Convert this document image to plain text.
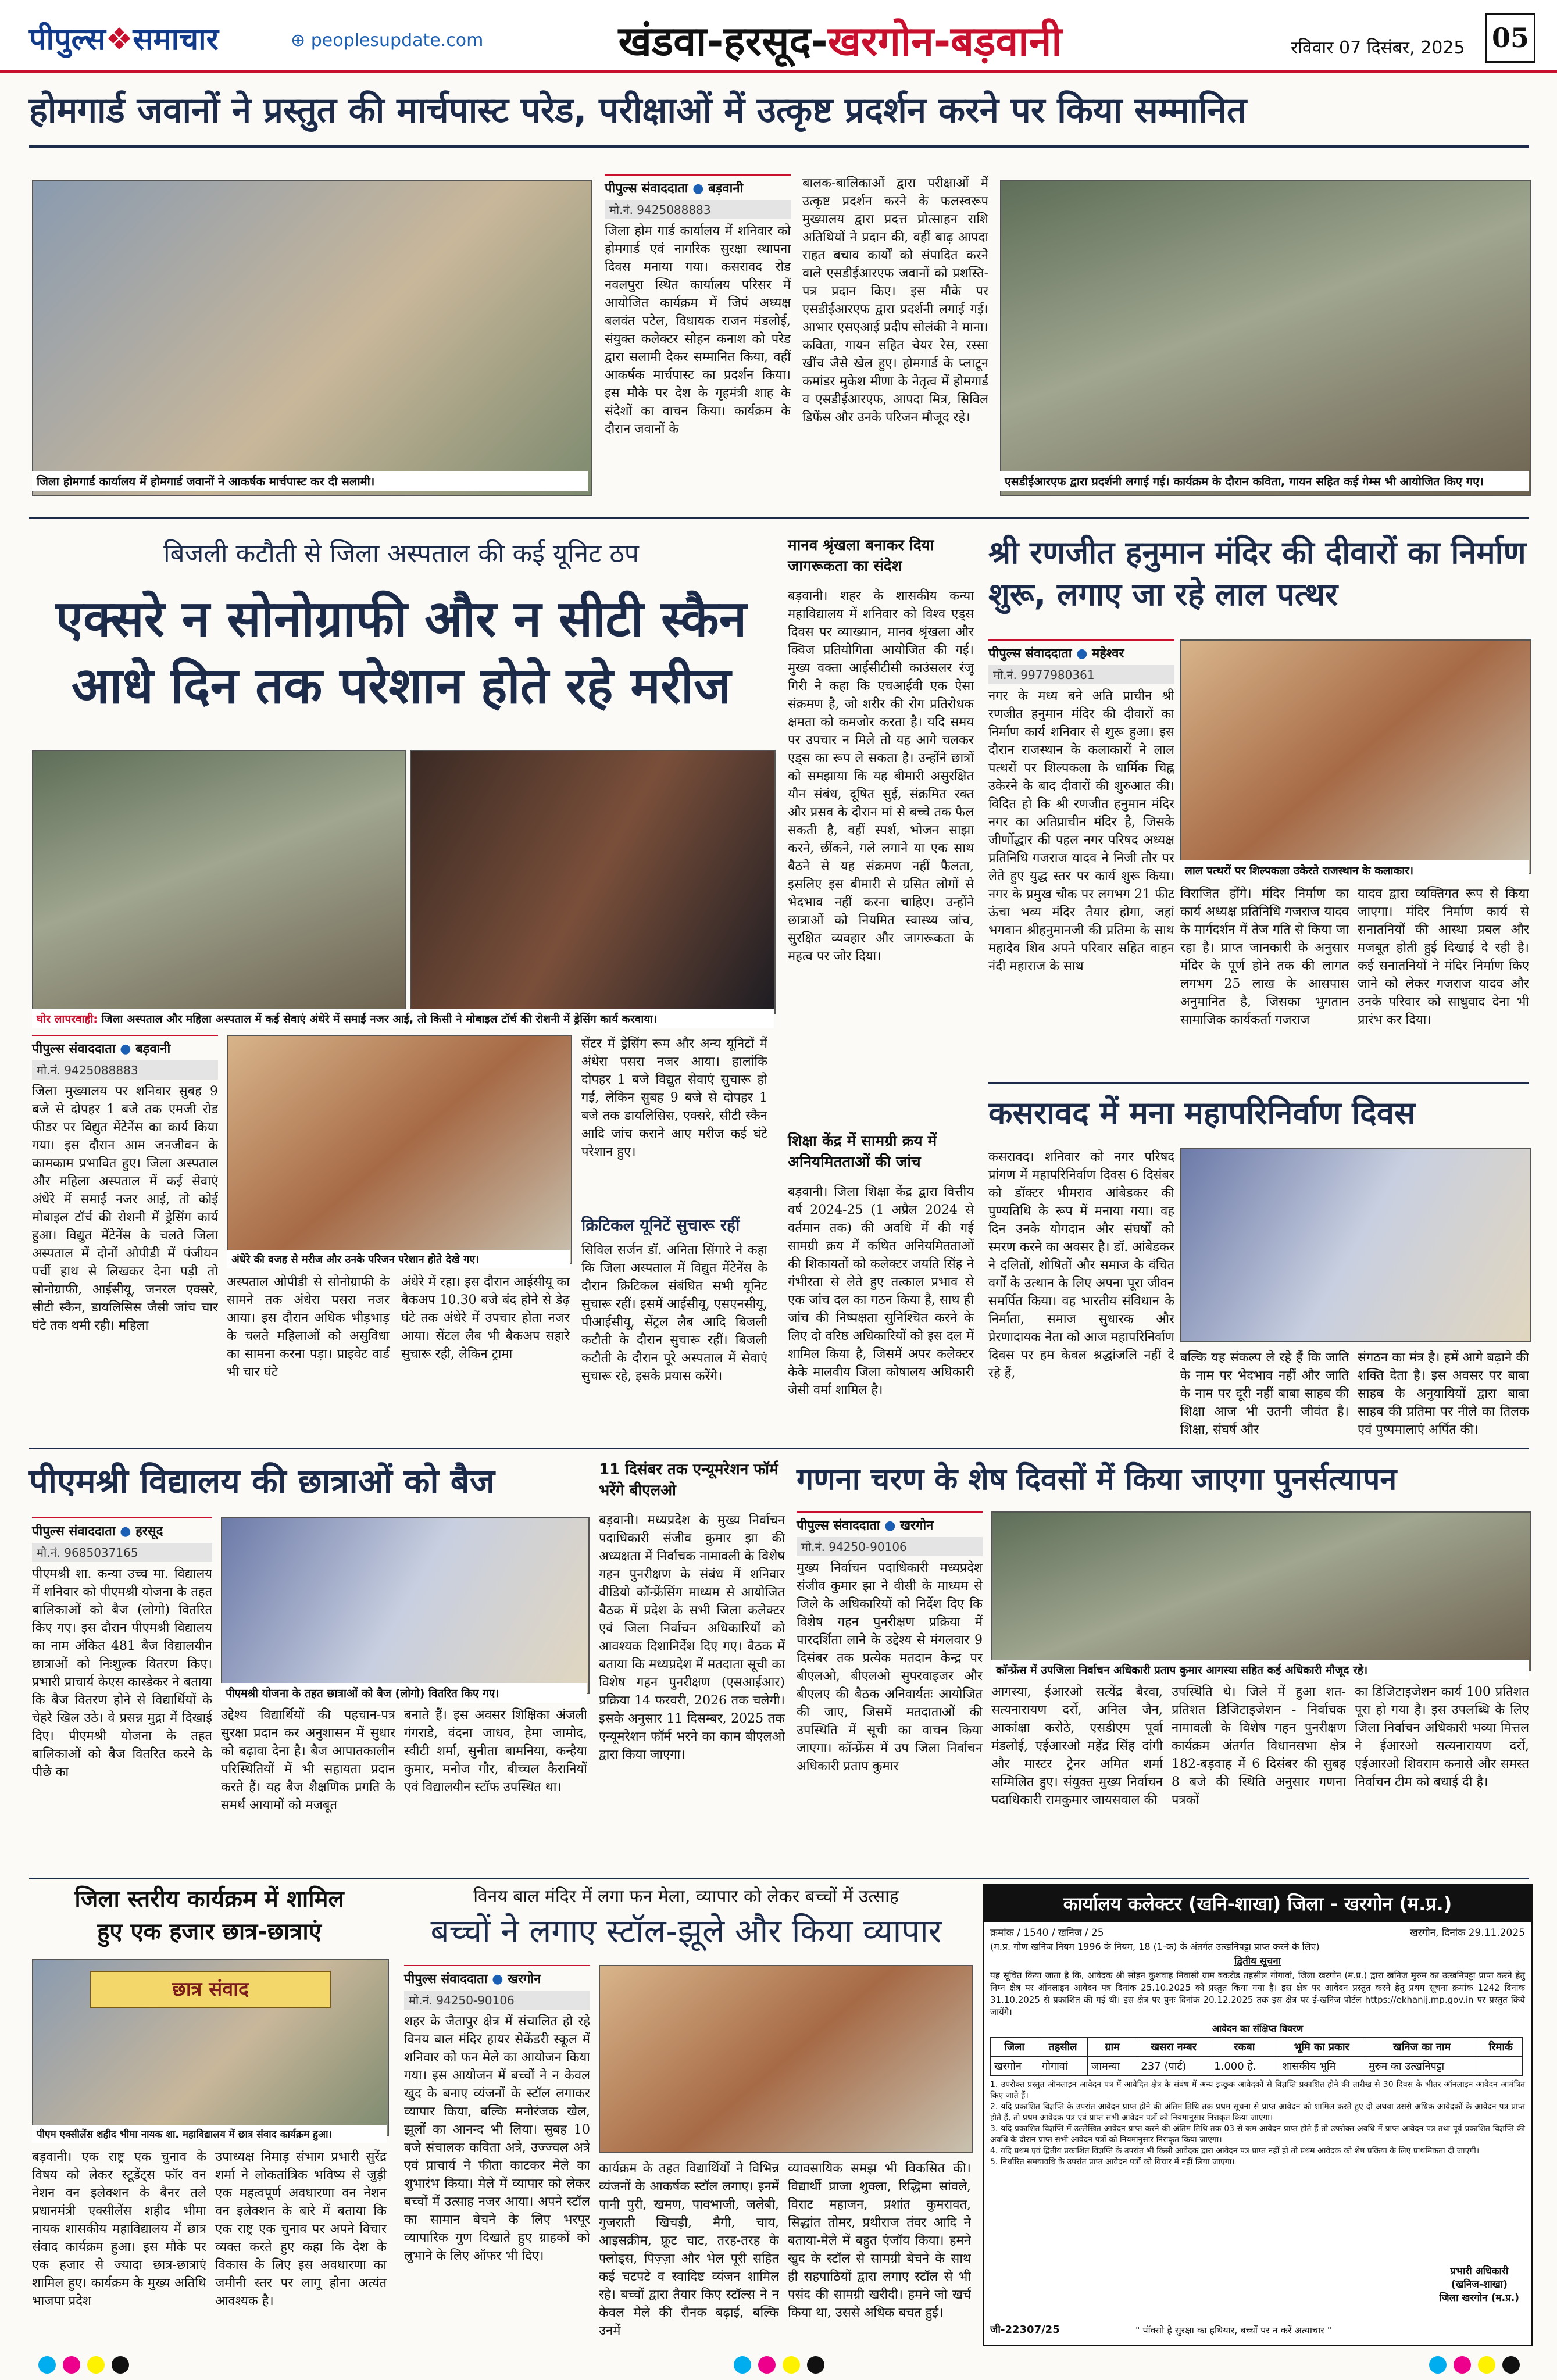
पीपुल्स❖समाचार	⊕ peoplesupdate.com	खंडवा-हरसूद-खरगोन-बड़वानी	रविवार 07 दिसंबर, 2025 05
होमगार्ड जवानों ने प्रस्तुत की मार्चपास्ट परेड, परीक्षाओं में उत्कृष्ट प्रदर्शन करने पर किया सम्मानित
जिला होमगार्ड कार्यालय में होमगार्ड जवानों ने आकर्षक मार्चपास्ट कर दी सलामी।
पीपुल्स संवाददाता ● बड़वानी
मो.नं. 9425088883
जिला होम गार्ड कार्यालय में शनिवार को होमगार्ड एवं नागरिक सुरक्षा स्थापना दिवस मनाया गया। कसरावद रोड नवलपुरा स्थित कार्यालय परिसर में आयोजित कार्यक्रम में जिपं अध्यक्ष बलवंत पटेल, विधायक राजन मंडलोई, संयुक्त कलेक्टर सोहन कनाश को परेड द्वारा सलामी देकर सम्मानित किया, वहीं आकर्षक मार्चपास्ट का प्रदर्शन किया। इस मौके पर देश के गृहमंत्री शाह के संदेशों का वाचन किया। कार्यक्रम के दौरान जवानों के
बालक-बालिकाओं द्वारा परीक्षाओं में उत्कृष्ट प्रदर्शन करने के फलस्वरूप मुख्यालय द्वारा प्रदत्त प्रोत्साहन राशि अतिथियों ने प्रदान की, वहीं बाढ़ आपदा राहत बचाव कार्यों को संपादित करने वाले एसडीईआरएफ जवानों को प्रशस्ति-पत्र प्रदान किए। इस मौके पर एसडीईआरएफ द्वारा प्रदर्शनी लगाई गई। आभार एसएआई प्रदीप सोलंकी ने माना। कविता, गायन सहित चेयर रेस, रस्सा खींच जैसे खेल हुए। होमगार्ड के प्लाटून कमांडर मुकेश मीणा के नेतृत्व में होमगार्ड व एसडीईआरएफ, आपदा मित्र, सिविल डिफेंस और उनके परिजन मौजूद रहे।
एसडीईआरएफ द्वारा प्रदर्शनी लगाई गई। कार्यक्रम के दौरान कविता, गायन सहित कई गेम्स भी आयोजित किए गए।
बिजली कटौती से जिला अस्पताल की कई यूनिट ठप
एक्सरे न सोनोग्राफी और न सीटी स्कैन
आधे दिन तक परेशान होते रहे मरीज
घोर लापरवाही: जिला अस्पताल और महिला अस्पताल में कई सेवाएं अंधेरे में समाई नजर आई, तो किसी ने मोबाइल टॉर्च की रोशनी में ड्रेसिंग कार्य करवाया।
पीपुल्स संवाददाता ● बड़वानी
मो.नं. 9425088883
जिला मुख्यालय पर शनिवार सुबह 9 बजे से दोपहर 1 बजे तक एमजी रोड फीडर पर विद्युत मेंटेनेंस का कार्य किया गया। इस दौरान आम जनजीवन के कामकाम प्रभावित हुए। जिला अस्पताल और महिला अस्पताल में कई सेवाएं अंधेरे में समाई नजर आई, तो कोई मोबाइल टॉर्च की रोशनी में ड्रेसिंग कार्य हुआ। विद्युत मेंटेनेंस के चलते जिला अस्पताल में दोनों ओपीडी में पंजीयन पर्ची हाथ से लिखकर देना पड़ी तो सोनोग्राफी, आईसीयू, जनरल एक्सरे, सीटी स्कैन, डायलिसिस जैसी जांच चार घंटे तक थमी रही। महिला
अंधेरे की वजह से मरीज और उनके परिजन परेशान होते देखे गए।
अस्पताल ओपीडी से सोनोग्राफी के सामने तक अंधेरा पसरा नजर आया। इस दौरान अधिक भीड़भाड़ के चलते महिलाओं को असुविधा का सामना करना पड़ा। प्राइवेट वार्ड भी चार घंटे
अंधेरे में रहा। इस दौरान आईसीयू का बैकअप 10.30 बजे बंद होने से डेढ़ घंटे तक अंधेरे में उपचार होता नजर आया। सेंटल लैब भी बैकअप सहारे सुचारू रही, लेकिन ट्रामा
सेंटर में ड्रेसिंग रूम और अन्य यूनिटों में अंधेरा पसरा नजर आया। हालांकि दोपहर 1 बजे विद्युत सेवाएं सुचारू हो गईं, लेकिन सुबह 9 बजे से दोपहर 1 बजे तक डायलिसिस, एक्सरे, सीटी स्कैन आदि जांच कराने आए मरीज कई घंटे परेशान हुए।
क्रिटिकल यूनिटें सुचारू रहीं
सिविल सर्जन डॉ. अनिता सिंगारे ने कहा कि जिला अस्पताल में विद्युत मेंटेनेंस के दौरान क्रिटिकल संबंधित सभी यूनिट सुचारू रहीं। इसमें आईसीयू, एसएनसीयू, पीआईसीयू, सेंट्रल लैब आदि बिजली कटौती के दौरान सुचारू रहीं। बिजली कटौती के दौरान पूरे अस्पताल में सेवाएं सुचारू रहे, इसके प्रयास करेंगे।
मानव श्रृंखला बनाकर दिया जागरूकता का संदेश
बड़वानी। शहर के शासकीय कन्या महाविद्यालय में शनिवार को विश्व एड्स दिवस पर व्याख्यान, मानव श्रृंखला और क्विज प्रतियोगिता आयोजित की गई। मुख्य वक्ता आईसीटीसी काउंसलर रंजू गिरी ने कहा कि एचआईवी एक ऐसा संक्रमण है, जो शरीर की रोग प्रतिरोधक क्षमता को कमजोर करता है। यदि समय पर उपचार न मिले तो यह आगे चलकर एड्स का रूप ले सकता है। उन्होंने छात्रों को समझाया कि यह बीमारी असुरक्षित यौन संबंध, दूषित सुई, संक्रमित रक्त और प्रसव के दौरान मां से बच्चे तक फैल सकती है, वहीं स्पर्श, भोजन साझा करने, छींकने, गले लगाने या एक साथ बैठने से यह संक्रमण नहीं फैलता, इसलिए इस बीमारी से ग्रसित लोगों से भेदभाव नहीं करना चाहिए। उन्होंने छात्राओं को नियमित स्वास्थ्य जांच, सुरक्षित व्यवहार और जागरूकता के महत्व पर जोर दिया।
शिक्षा केंद्र में सामग्री क्रय में अनियमितताओं की जांच
बड़वानी। जिला शिक्षा केंद्र द्वारा वित्तीय वर्ष 2024-25 (1 अप्रैल 2024 से वर्तमान तक) की अवधि में की गई सामग्री क्रय में कथित अनियमितताओं की शिकायतों को कलेक्टर जयति सिंह ने गंभीरता से लेते हुए तत्काल प्रभाव से एक जांच दल का गठन किया है, साथ ही जांच की निष्पक्षता सुनिश्चित करने के लिए दो वरिष्ठ अधिकारियों को इस दल में शामिल किया है, जिसमें अपर कलेक्टर केके मालवीय जिला कोषालय अधिकारी जेसी वर्मा शामिल है।
श्री रणजीत हनुमान मंदिर की दीवारों का निर्माण शुरू, लगाए जा रहे लाल पत्थर
पीपुल्स संवाददाता ● महेश्वर
मो.नं. 9977980361
नगर के मध्य बने अति प्राचीन श्री रणजीत हनुमान मंदिर की दीवारों का निर्माण कार्य शनिवार से शुरू हुआ। इस दौरान राजस्थान के कलाकारों ने लाल पत्थरों पर शिल्पकला के धार्मिक चिह्न उकेरने के बाद दीवारों की शुरुआत की। विदित हो कि श्री रणजीत हनुमान मंदिर नगर का अतिप्राचीन मंदिर है, जिसके जीर्णोद्धार की पहल नगर परिषद अध्यक्ष प्रतिनिधि गजराज यादव ने निजी तौर पर लेते हुए युद्ध स्तर पर कार्य शुरू किया। नगर के प्रमुख चौक पर लगभग 21 फीट ऊंचा भव्य मंदिर तैयार होगा, जहां भगवान श्रीहनुमानजी की प्रतिमा के साथ महादेव शिव अपने परिवार सहित वाहन नंदी महाराज के साथ
लाल पत्थरों पर शिल्पकला उकेरते राजस्थान के कलाकार।
विराजित होंगे। मंदिर निर्माण का कार्य अध्यक्ष प्रतिनिधि गजराज यादव के मार्गदर्शन में तेज गति से किया जा रहा है। प्राप्त जानकारी के अनुसार मंदिर के पूर्ण होने तक की लागत लगभग 25 लाख के आसपास अनुमानित है, जिसका भुगतान सामाजिक कार्यकर्ता गजराज
यादव द्वारा व्यक्तिगत रूप से किया जाएगा। मंदिर निर्माण कार्य से सनातनियों की आस्था प्रबल और मजबूत होती हुई दिखाई दे रही है। कई सनातनियों ने मंदिर निर्माण किए जाने को लेकर गजराज यादव और उनके परिवार को साधुवाद देना भी प्रारंभ कर दिया।
कसरावद में मना महापरिनिर्वाण दिवस
कसरावद। शनिवार को नगर परिषद प्रांगण में महापरिनिर्वाण दिवस 6 दिसंबर को डॉक्टर भीमराव आंबेडकर की पुण्यतिथि के रूप में मनाया गया। वह दिन उनके योगदान और संघर्षों को स्मरण करने का अवसर है। डॉ. आंबेडकर ने दलितों, शोषितों और समाज के वंचित वर्गों के उत्थान के लिए अपना पूरा जीवन समर्पित किया। वह भारतीय संविधान के निर्माता, समाज सुधारक और प्रेरणादायक नेता को आज महापरिनिर्वाण दिवस पर हम केवल श्रद्धांजलि नहीं दे रहे हैं,
बल्कि यह संकल्प ले रहे हैं कि जाति के नाम पर भेदभाव नहीं और जाति के नाम पर दूरी नहीं बाबा साहब की शिक्षा आज भी उतनी जीवंत है। शिक्षा, संघर्ष और
संगठन का मंत्र है। हमें आगे बढ़ाने की शक्ति देता है। इस अवसर पर बाबा साहब के अनुयायियों द्वारा बाबा साहब की प्रतिमा पर नीले का तिलक एवं पुष्पमालाएं अर्पित की।
पीएमश्री विद्यालय की छात्राओं को बैज
पीपुल्स संवाददाता ● हरसूद
मो.नं. 9685037165
पीएमश्री शा. कन्या उच्च मा. विद्यालय में शनिवार को पीएमश्री योजना के तहत बालिकाओं को बैज (लोगो) वितरित किए गए। इस दौरान पीएमश्री विद्यालय का नाम अंकित 481 बैज विद्यालयीन छात्राओं को निःशुल्क वितरण किए। प्रभारी प्राचार्य केएस कास्डेकर ने बताया कि बैज वितरण होने से विद्यार्थियों के चेहरे खिल उठे। वे प्रसन्न मुद्रा में दिखाई दिए। पीएमश्री योजना के तहत बालिकाओं को बैज वितरित करने के पीछे का
पीएमश्री योजना के तहत छात्राओं को बैज (लोगो) वितरित किए गए।
उद्देश्य विद्यार्थियों की पहचान-पत्र सुरक्षा प्रदान कर अनुशासन में सुधार को बढ़ावा देना है। बैज आपातकालीन परिस्थितियों में भी सहायता प्रदान करते हैं। यह बैज शैक्षणिक प्रगति के समर्थ आयामों को मजबूत
बनाते हैं। इस अवसर शिक्षिका अंजली गंगराडे, वंदना जाधव, हेमा जामोद, स्वीटी शर्मा, सुनीता बामनिया, कन्हैया कुमार, मनोज गौर, बीच्चल कैरानियों एवं विद्यालयीन स्टॉफ उपस्थित था।
11 दिसंबर तक एन्यूमरेशन फॉर्म भरेंगे बीएलओ
बड़वानी। मध्यप्रदेश के मुख्य निर्वाचन पदाधिकारी संजीव कुमार झा की अध्यक्षता में निर्वाचक नामावली के विशेष गहन पुनरीक्षण के संबंध में शनिवार वीडियो कॉन्फ्रेंसिंग माध्यम से आयोजित बैठक में प्रदेश के सभी जिला कलेक्टर एवं जिला निर्वाचन अधिकारियों को आवश्यक दिशानिर्देश दिए गए। बैठक में बताया कि मध्यप्रदेश में मतदाता सूची का विशेष गहन पुनरीक्षण (एसआईआर) प्रक्रिया 14 फरवरी, 2026 तक चलेगी। इसके अनुसार 11 दिसम्बर, 2025 तक एन्यूमरेशन फॉर्म भरने का काम बीएलओ द्वारा किया जाएगा।
गणना चरण के शेष दिवसों में किया जाएगा पुनर्सत्यापन
पीपुल्स संवाददाता ● खरगोन
मो.नं. 94250-90106
मुख्य निर्वाचन पदाधिकारी मध्यप्रदेश संजीव कुमार झा ने वीसी के माध्यम से जिले के अधिकारियों को निर्देश दिए कि विशेष गहन पुनरीक्षण प्रक्रिया में पारदर्शिता लाने के उद्देश्य से मंगलवार 9 दिसंबर तक प्रत्येक मतदान केन्द्र पर बीएलओ, बीएलओ सुपरवाइजर और बीएलए की बैठक अनिवार्यतः आयोजित की जाए, जिसमें मतदाताओं की उपस्थिति में सूची का वाचन किया जाएगा। कॉन्फ्रेंस में उप जिला निर्वाचन अधिकारी प्रताप कुमार
कॉन्फ्रेंस में उपजिला निर्वाचन अधिकारी प्रताप कुमार आगस्या सहित कई अधिकारी मौजूद रहे।
आगस्या, ईआरओ सत्येंद्र बैरवा, सत्यनारायण दर्रो, अनिल जैन, आकांक्षा करोठे, एसडीएम पूर्वा मंडलोई, एईआरओ महेंद्र सिंह दांगी और मास्टर ट्रेनर अमित शर्मा सम्मिलित हुए। संयुक्त मुख्य निर्वाचन पदाधिकारी रामकुमार जायसवाल की
उपस्थिति थे। जिले में हुआ शत-प्रतिशत डिजिटाइजेशन - निर्वाचक नामावली के विशेष गहन पुनरीक्षण कार्यक्रम अंतर्गत विधानसभा क्षेत्र 182-बड़वाह में 6 दिसंबर की सुबह 8 बजे की स्थिति अनुसार गणना पत्रकों
का डिजिटाइजेशन कार्य 100 प्रतिशत पूरा हो गया है। इस उपलब्धि के लिए जिला निर्वाचन अधिकारी भव्या मित्तल ने ईआरओ सत्यनारायण दर्रो, एईआरओ शिवराम कनासे और समस्त निर्वाचन टीम को बधाई दी है।
जिला स्तरीय कार्यक्रम में शामिल
हुए एक हजार छात्र-छात्राएं
छात्र संवाद
पीएम एक्सीलेंस शहीद भीमा नायक शा. महाविद्यालय में छात्र संवाद कार्यक्रम हुआ।
बड़वानी। एक राष्ट्र एक चुनाव के विषय को लेकर स्टूडेंट्स फॉर वन नेशन वन इलेक्शन के बैनर तले प्रधानमंत्री एक्सीलेंस शहीद भीमा नायक शासकीय महाविद्यालय में छात्र संवाद कार्यक्रम हुआ। इस मौके पर एक हजार से ज्यादा छात्र-छात्राएं शामिल हुए। कार्यक्रम के मुख्य अतिथि भाजपा प्रदेश
उपाध्यक्ष निमाड़ संभाग प्रभारी सुरेंद्र शर्मा ने लोकतांत्रिक भविष्य से जुड़ी एक महत्वपूर्ण अवधारणा वन नेशन वन इलेक्शन के बारे में बताया कि एक राष्ट्र एक चुनाव पर अपने विचार व्यक्त करते हुए कहा कि देश के विकास के लिए इस अवधारणा का जमीनी स्तर पर लागू होना अत्यंत आवश्यक है।
विनय बाल मंदिर में लगा फन मेला, व्यापार को लेकर बच्चों में उत्साह
बच्चों ने लगाए स्टॉल-झूले और किया व्यापार
पीपुल्स संवाददाता ● खरगोन
मो.नं. 94250-90106
शहर के जैतापुर क्षेत्र में संचालित हो रहे विनय बाल मंदिर हायर सेकेंडरी स्कूल में शनिवार को फन मेले का आयोजन किया गया। इस आयोजन में बच्चों ने न केवल खुद के बनाए व्यंजनों के स्टॉल लगाकर व्यापार किया, बल्कि मनोरंजक खेल, झूलों का आनन्द भी लिया। सुबह 10 बजे संचालक कविता अत्रे, उज्ज्वल अत्रे एवं प्राचार्य ने फीता काटकर मेले का शुभारंभ किया। मेले में व्यापार को लेकर बच्चों में उत्साह नजर आया। अपने स्टॉल का सामान बेचने के लिए भरपूर व्यापारिक गुण दिखाते हुए ग्राहकों को लुभाने के लिए ऑफर भी दिए।
कार्यक्रम के तहत विद्यार्थियों ने विभिन्न व्यंजनों के आकर्षक स्टॉल लगाए। इनमें पानी पुरी, खमण, पावभाजी, जलेबी, गुजराती खिचड़ी, मैगी, चाय, आइसक्रीम, फ्रूट चाट, तरह-तरह के फ्लोड्स, पिज़्ज़ा और भेल पूरी सहित कई चटपटे व स्वादिष्ट व्यंजन शामिल रहे। बच्चों द्वारा तैयार किए स्टॉल्स ने न केवल मेले की रौनक बढ़ाई, बल्कि उनमें
व्यावसायिक समझ भी विकसित की। विद्यार्थी प्राजा शुक्ला, रिद्धिमा सांवले, विराट महाजन, प्रशांत कुमरावत, सिद्धांत तोमर, प्रथीराज तंवर आदि ने बताया-मेले में बहुत एंजॉय किया। हमने खुद के स्टॉल से सामग्री बेचने के साथ ही सहपाठियों द्वारा लगाए स्टॉल से भी पसंद की सामग्री खरीदी। हमने जो खर्च किया था, उससे अधिक बचत हुई।
कार्यालय कलेक्टर (खनि-शाखा) जिला - खरगोन (म.प्र.)
क्रमांक / 1540 / खनिज / 25	खरगोन, दिनांक 29.11.2025
(म.प्र. गौण खनिज नियम 1996 के नियम, 18 (1-क) के अंतर्गत उत्खनिपट्टा प्राप्त करने के लिए)
द्वितीय सूचना
यह सूचित किया जाता है कि, आवेदक श्री सोहन कुशवाह निवासी ग्राम बकरौड तहसील गोगावां, जिला खरगोन (म.प्र.) द्वारा खनिज मुरुम का उत्खनिपट्टा प्राप्त करने हेतु निम्न क्षेत्र पर ऑनलाइन आवेदन पत्र दिनांक 25.10.2025 को प्रस्तुत किया गया है। इस क्षेत्र पर आवेदन प्रस्तुत करने हेतु प्रथम सूचना क्रमांक 1242 दिनांक 31.10.2025 से प्रकाशित की गई थी। इस क्षेत्र पर पुनः दिनांक 20.12.2025 तक इस क्षेत्र पर ई-खनिज पोर्टल https://ekhanij.mp.gov.in पर प्रस्तुत किये जायेंगे।
आवेदन का संक्षिप्त विवरण
जिला	तहसील	ग्राम	खसरा नम्बर	रकबा	भूमि का प्रकार	खनिज का नाम	रिमार्क
खरगोन	गोगावां	जामन्या	237 (पार्ट)	1.000 हे.	शासकीय भूमि	मुरुम का उत्खनिपट्टा	
1. उपरोक्त प्रस्तुत ऑनलाइन आवेदन पत्र में आवेदित क्षेत्र के संबंध में अन्य इच्छुक आवेदकों से विज्ञप्ति प्रकाशित होने की तारीख से 30 दिवस के भीतर ऑनलाइन आवेदन आमंत्रित किए जाते हैं।
2. यदि प्रकाशित विज्ञप्ति के उपरांत आवेदन प्राप्त होने की अंतिम तिथि तक प्रथम सूचना से प्राप्त आवेदन को शामिल करते हुए दो अथवा उससे अधिक आवेदकों के आवेदन पत्र प्राप्त होते हैं, तो प्रथम आवेदक पत्र एवं प्राप्त सभी आवेदन पत्रों को नियमानुसार निराकृत किया जाएगा।
3. यदि प्रकाशित विज्ञप्ति में उल्लेखित आवेदन प्राप्त करने की अंतिम तिथि तक 03 से कम आवेदन प्राप्त होते हैं तो उपरोक्त अवधि में प्राप्त आवेदन पत्र तथा पूर्व प्रकाशित विज्ञप्ति की अवधि के दौरान प्राप्त सभी आवेदन पत्रों को नियमानुसार निराकृत किया जाएगा।
4. यदि प्रथम एवं द्वितीय प्रकाशित विज्ञप्ति के उपरांत भी किसी आवेदक द्वारा आवेदन पत्र प्राप्त नहीं हो तो प्रथम आवेदक को शेष प्रक्रिया के लिए प्राथमिकता दी जाएगी।
5. निर्धारित समयावधि के उपरांत प्राप्त आवेदन पत्रों को विचार में नहीं लिया जाएगा।
प्रभारी अधिकारी
(खनिज-शाखा)
जिला खरगोन (म.प्र.)
जी-22307/25	" पॉक्सो है सुरक्षा का हथियार, बच्चों पर न करें अत्याचार "
